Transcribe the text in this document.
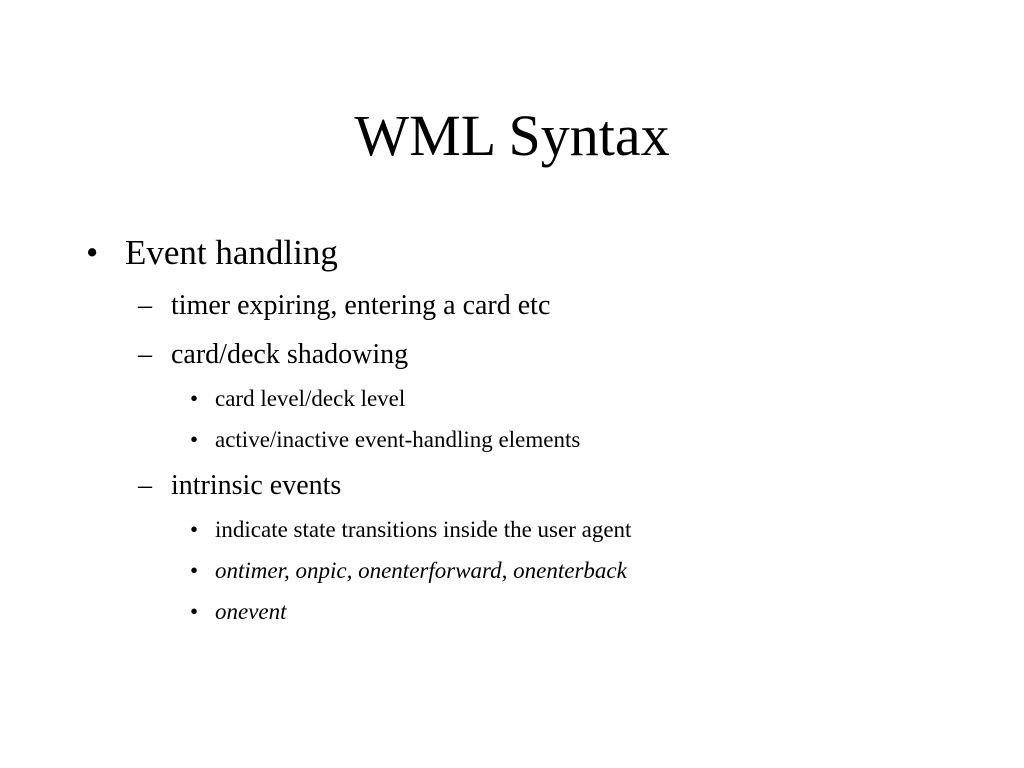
WML Syntax
• Event handling
– timer expiring, entering a card etc
– card/deck shadowing
• card level/deck level
• active/inactive event-handling elements
– intrinsic events
• indicate state transitions inside the user agent
• ontimer, onpic, onenterforward, onenterback
• onevent
